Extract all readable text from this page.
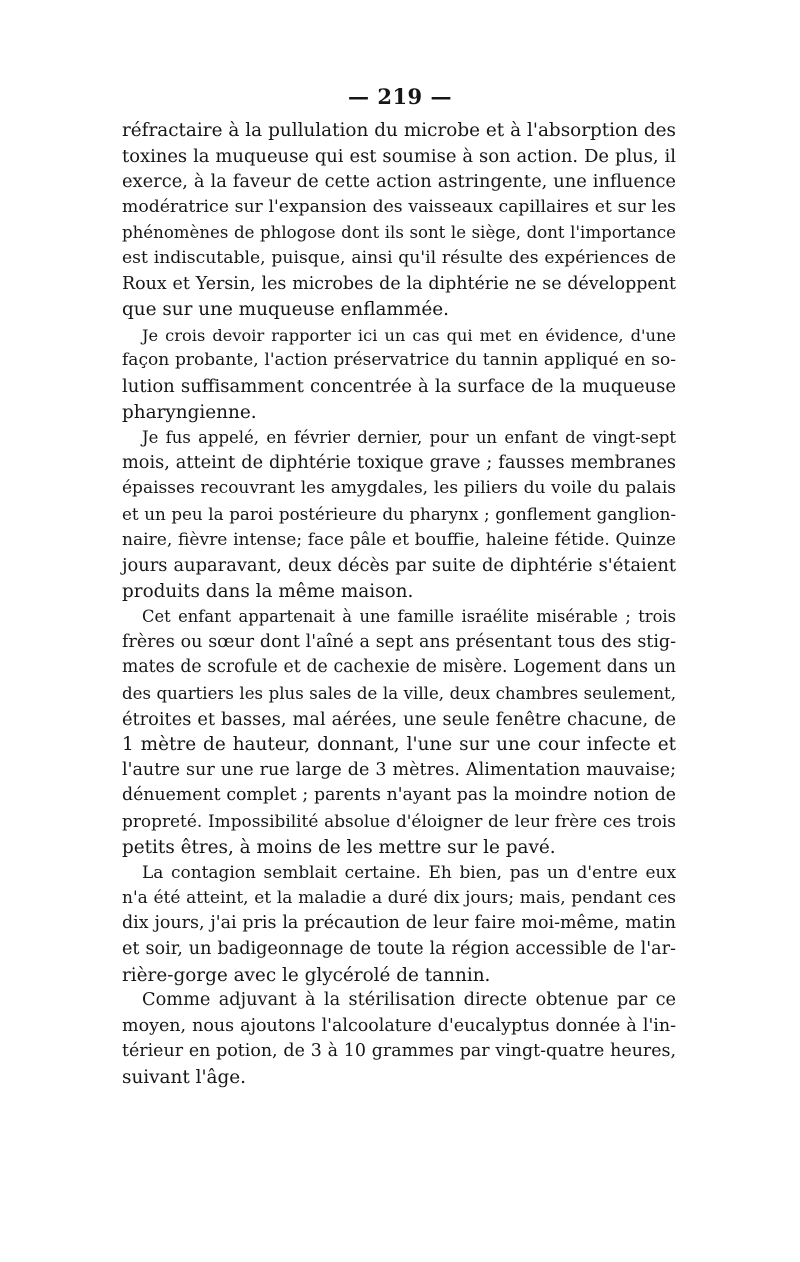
— 219 —
réfractaire à la pullulation du microbe et à l'absorption des
toxines la muqueuse qui est soumise à son action. De plus, il
exerce, à la faveur de cette action astringente, une influence
modératrice sur l'expansion des vaisseaux capillaires et sur les
phénomènes de phlogose dont ils sont le siège, dont l'importance
est indiscutable, puisque, ainsi qu'il résulte des expériences de
Roux et Yersin, les microbes de la diphtérie ne se développent
que sur une muqueuse enflammée.
Je crois devoir rapporter ici un cas qui met en évidence, d'une
façon probante, l'action préservatrice du tannin appliqué en so-
lution suffisamment concentrée à la surface de la muqueuse
pharyngienne.
Je fus appelé, en février dernier, pour un enfant de vingt-sept
mois, atteint de diphtérie toxique grave ; fausses membranes
épaisses recouvrant les amygdales, les piliers du voile du palais
et un peu la paroi postérieure du pharynx ; gonflement ganglion-
naire, fièvre intense; face pâle et bouffie, haleine fétide. Quinze
jours auparavant, deux décès par suite de diphtérie s'étaient
produits dans la même maison.
Cet enfant appartenait à une famille israélite misérable ; trois
frères ou sœur dont l'aîné a sept ans présentant tous des stig-
mates de scrofule et de cachexie de misère. Logement dans un
des quartiers les plus sales de la ville, deux chambres seulement,
étroites et basses, mal aérées, une seule fenêtre chacune, de
1 mètre de hauteur, donnant, l'une sur une cour infecte et
l'autre sur une rue large de 3 mètres. Alimentation mauvaise;
dénuement complet ; parents n'ayant pas la moindre notion de
propreté. Impossibilité absolue d'éloigner de leur frère ces trois
petits êtres, à moins de les mettre sur le pavé.
La contagion semblait certaine. Eh bien, pas un d'entre eux
n'a été atteint, et la maladie a duré dix jours; mais, pendant ces
dix jours, j'ai pris la précaution de leur faire moi-même, matin
et soir, un badigeonnage de toute la région accessible de l'ar-
rière-gorge avec le glycérolé de tannin.
Comme adjuvant à la stérilisation directe obtenue par ce
moyen, nous ajoutons l'alcoolature d'eucalyptus donnée à l'in-
térieur en potion, de 3 à 10 grammes par vingt-quatre heures,
suivant l'âge.
